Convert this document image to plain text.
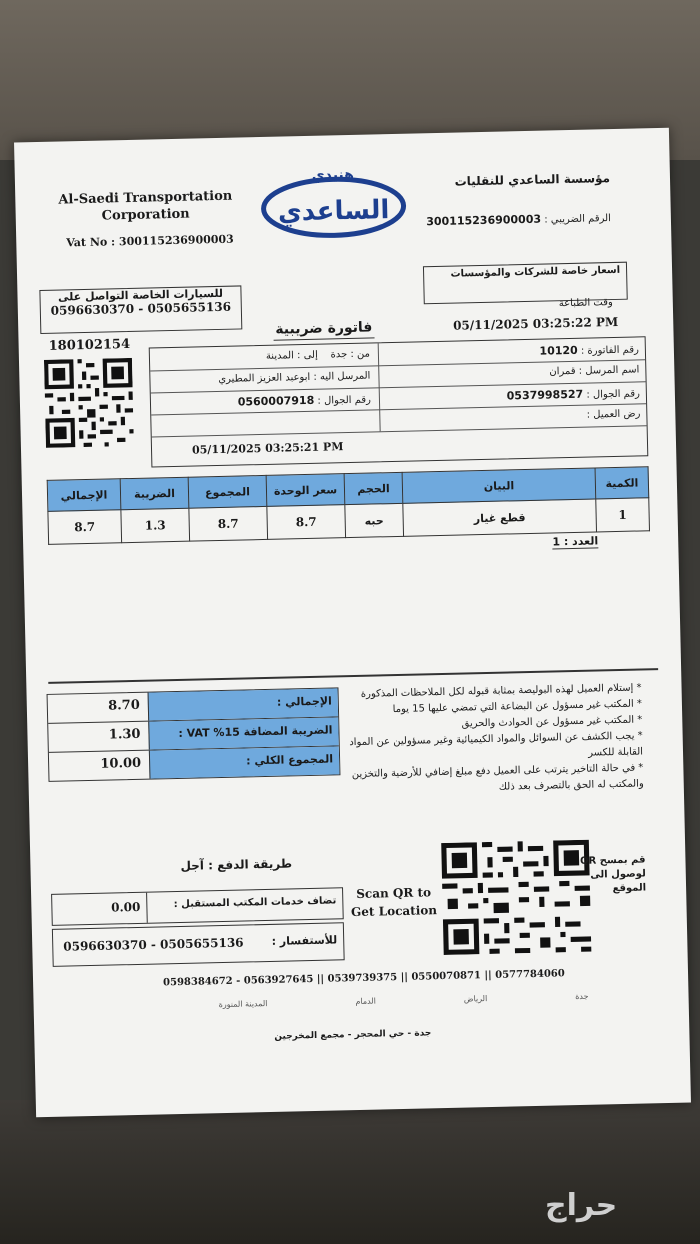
Al-Saedi Transportation Corporation
Vat No : 300115236900003
هنيدي
الساعدي
مؤسسة الساعدي للنقليات
الرقم الضريبي : 300115236900003
للسيارات الخاصة التواصل على
0596630370 - 0505655136
اسعار خاصة للشركات والمؤسسات
وقت الطباعة
05/11/2025 03:25:22 PM
فاتورة ضريبية
180102154	رقم الفاتورة : 10120
من : جدة    إلى : المدينة
اسم المرسل : قمران
المرسل اليه : ابوعبد العزيز المطيري
رقم الجوال : 0537998527
رقم الجوال : 0560007918
رض العميل :
05/11/2025 03:25:21 PM
الكمية	البيان	الحجم	سعر الوحدة	المجموع	الضريبة	الإجمالي
1	قطع غيار	حبه	8.7	8.7	1.3	8.7
العدد : 1
8.70	الإجمالي :
1.30	الضريبة المضافة 15% VAT :
10.00	المجموع الكلي :
* إستلام العميل لهذه البوليصة بمثابة قبوله لكل الملاحظات المذكورة
* المكتب غير مسؤول عن البضاعة التي تمضي عليها 15 يوما
* المكتب غير مسؤول عن الحوادث والحريق
* يجب الكشف عن السوائل والمواد الكيميائية وغير مسؤولين عن المواد القابلة للكسر
* في حالة التاخير يترتب على العميل دفع مبلغ إضافي للأرضية والتخزين والمكتب له الحق بالتصرف بعد ذلك
طريقة الدفع : آجل
0.00	تضاف خدمات المكتب المستقبل :
للأستفسار :
0596630370 - 0505655136
Scan QR to Get Location
قم بمسح QR لوصول الى الموقع
0598384672 - 0563927645 || 0539739375 || 0550070871 || 0577784060
المدينة المنورة	الدمام	الرياض	جدة
جدة - حي المحجر - مجمع المخرجين
حراج
